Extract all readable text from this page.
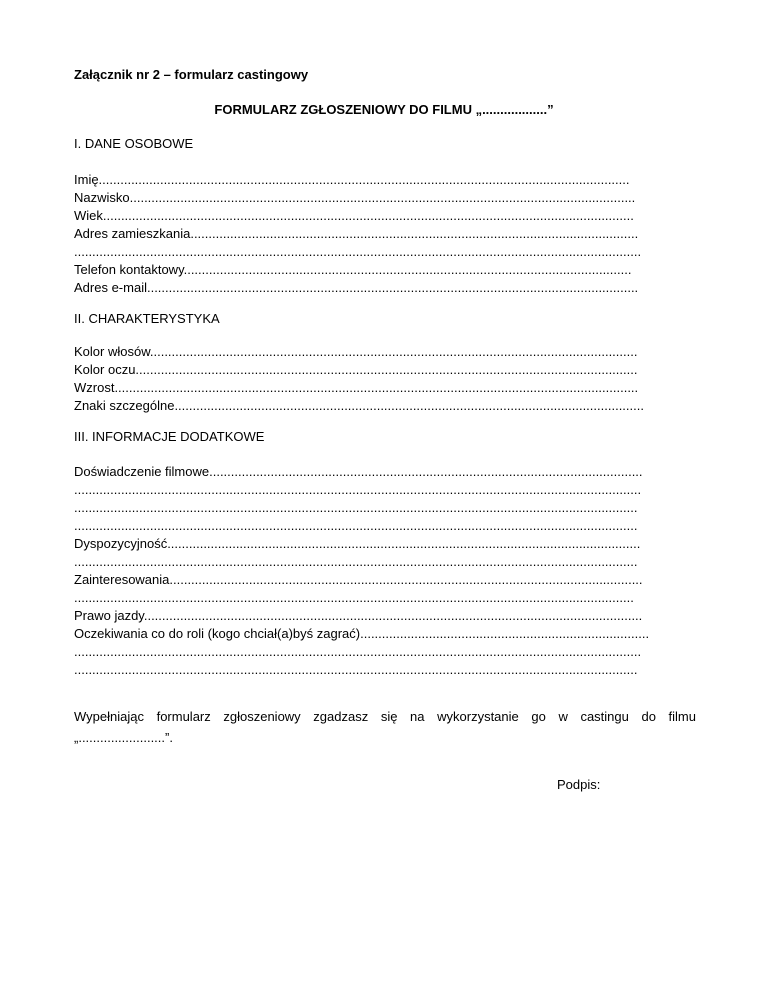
Załącznik nr 2 – formularz castingowy
FORMULARZ ZGŁOSZENIOWY DO FILMU „..................”
I. DANE OSOBOWE
Imię...................................................................................................................................................
Nazwisko............................................................................................................................................
Wiek...................................................................................................................................................
Adres zamieszkania............................................................................................................................
.............................................................................................................................................................
Telefon kontaktowy............................................................................................................................
Adres e-mail........................................................................................................................................
II. CHARAKTERYSTYKA
Kolor włosów.......................................................................................................................................
Kolor oczu...........................................................................................................................................
Wzrost.................................................................................................................................................
Znaki szczególne..................................................................................................................................
III. INFORMACJE DODATKOWE
Doświadczenie filmowe........................................................................................................................
.............................................................................................................................................................
............................................................................................................................................................
............................................................................................................................................................
Dyspozycyjność...................................................................................................................................
............................................................................................................................................................
Zainteresowania...................................................................................................................................
...........................................................................................................................................................
Prawo jazdy..........................................................................................................................................
Oczekiwania co do roli (kogo chciał(a)byś zagrać)................................................................................
.............................................................................................................................................................
............................................................................................................................................................
Wypełniając formularz zgłoszeniowy zgadzasz się na wykorzystanie go w castingu do filmu „........................”.
Podpis:
